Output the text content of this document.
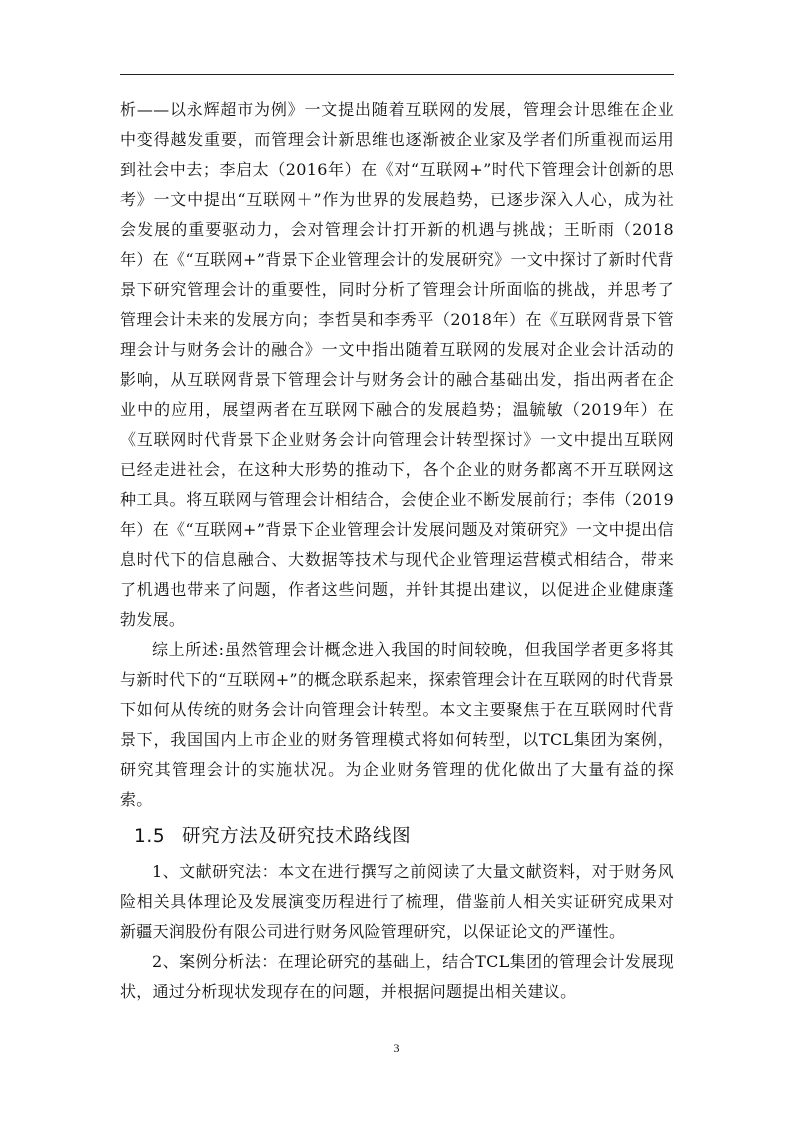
析——以永辉超市为例》一文提出随着互联网的发展，管理会计思维在企业中变得越发重要，而管理会计新思维也逐渐被企业家及学者们所重视而运用到社会中去；李启太（2016年）在《对“互联网+”时代下管理会计创新的思考》一文中提出“互联网＋”作为世界的发展趋势，已逐步深入人心，成为社会发展的重要驱动力，会对管理会计打开新的机遇与挑战；王昕雨（2018年）在《“互联网+”背景下企业管理会计的发展研究》一文中探讨了新时代背景下研究管理会计的重要性，同时分析了管理会计所面临的挑战，并思考了管理会计未来的发展方向；李哲昊和李秀平（2018年）在《互联网背景下管理会计与财务会计的融合》一文中指出随着互联网的发展对企业会计活动的影响，从互联网背景下管理会计与财务会计的融合基础出发，指出两者在企业中的应用，展望两者在互联网下融合的发展趋势；温毓敏（2019年）在《互联网时代背景下企业财务会计向管理会计转型探讨》一文中提出互联网已经走进社会，在这种大形势的推动下，各个企业的财务都离不开互联网这种工具。将互联网与管理会计相结合，会使企业不断发展前行；李伟（2019年）在《“互联网+”背景下企业管理会计发展问题及对策研究》一文中提出信息时代下的信息融合、大数据等技术与现代企业管理运营模式相结合，带来了机遇也带来了问题，作者这些问题，并针其提出建议，以促进企业健康蓬勃发展。

综上所述:虽然管理会计概念进入我国的时间较晚，但我国学者更多将其与新时代下的“互联网+”的概念联系起来，探索管理会计在互联网的时代背景下如何从传统的财务会计向管理会计转型。本文主要聚焦于在互联网时代背景下，我国国内上市企业的财务管理模式将如何转型，以TCL集团为案例，研究其管理会计的实施状况。为企业财务管理的优化做出了大量有益的探索。

1.5 研究方法及研究技术路线图

1、文献研究法：本文在进行撰写之前阅读了大量文献资料，对于财务风险相关具体理论及发展演变历程进行了梳理，借鉴前人相关实证研究成果对新疆天润股份有限公司进行财务风险管理研究，以保证论文的严谨性。

2、案例分析法：在理论研究的基础上，结合TCL集团的管理会计发展现状，通过分析现状发现存在的问题，并根据问题提出相关建议。

3
